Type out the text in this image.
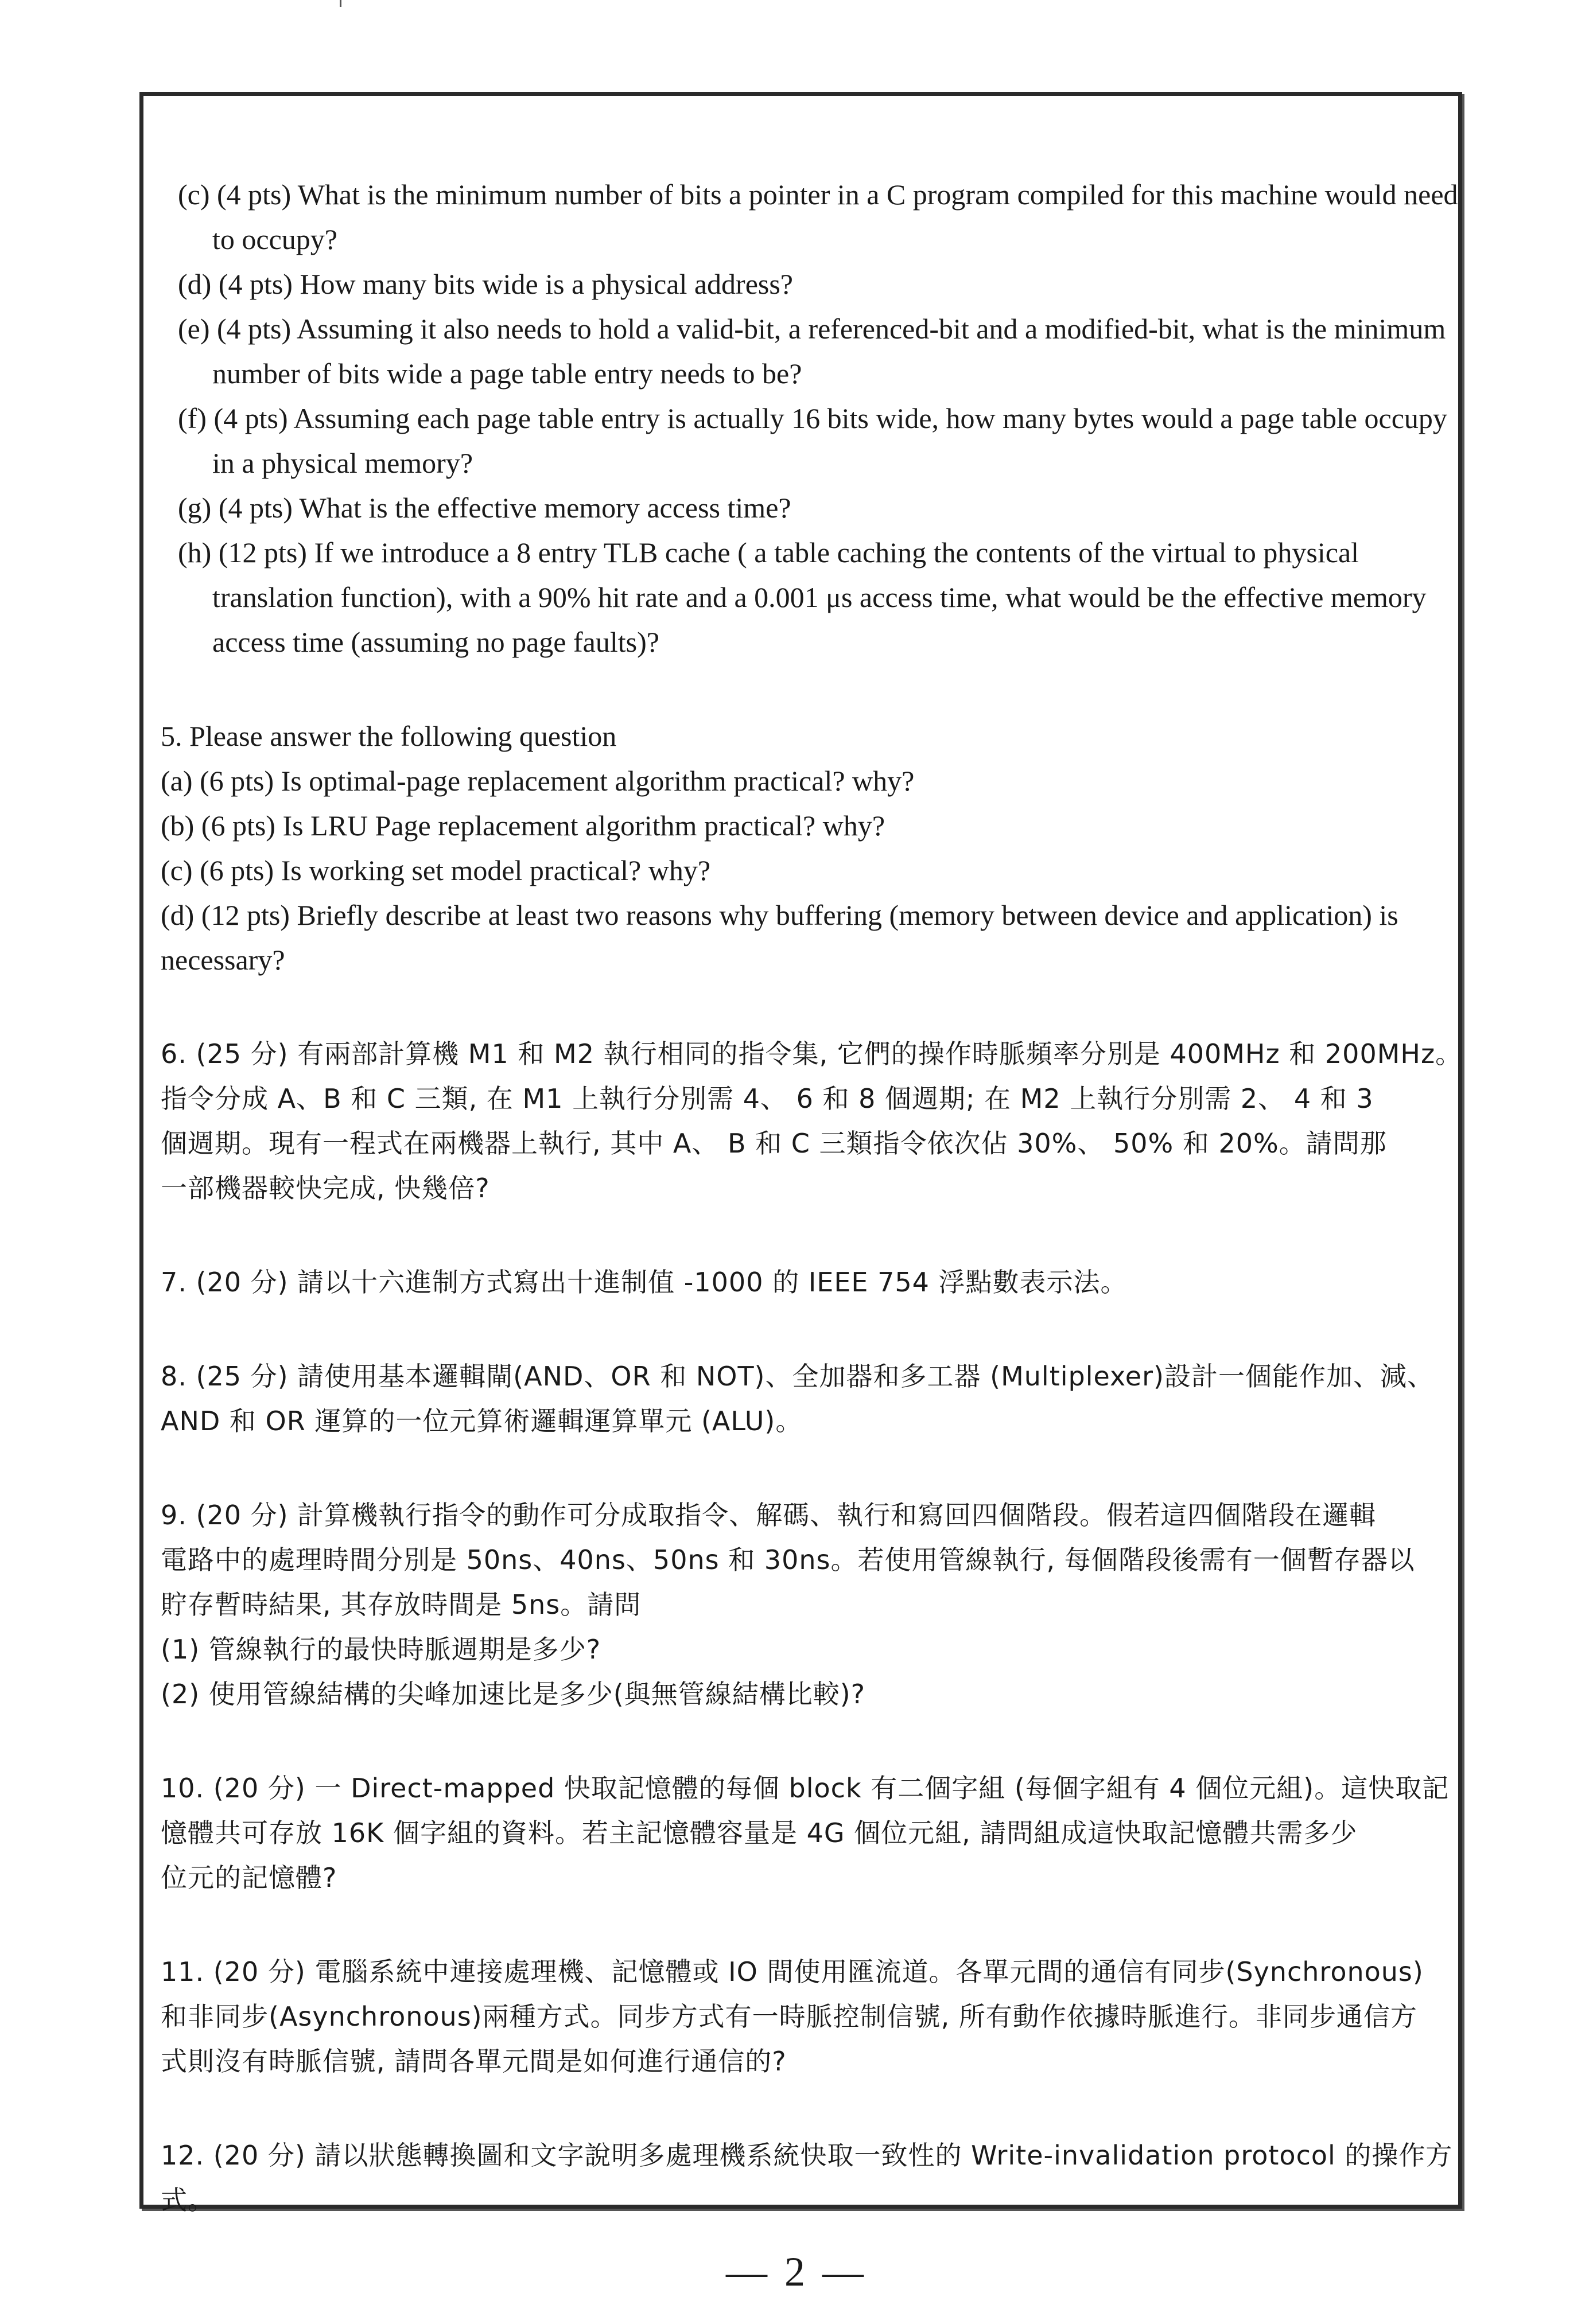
(c) (4 pts) What is the minimum number of bits a pointer in a C program compiled for this machine would need
to occupy?
(d) (4 pts) How many bits wide is a physical address?
(e) (4 pts) Assuming it also needs to hold a valid-bit, a referenced-bit and a modified-bit, what is the minimum
number of bits wide a page table entry needs to be?
(f) (4 pts) Assuming each page table entry is actually 16 bits wide, how many bytes would a page table occupy
in a physical memory?
(g) (4 pts) What is the effective memory access time?
(h) (12 pts) If we introduce a 8 entry TLB cache ( a table caching the contents of the virtual to physical
translation function), with a 90% hit rate and a 0.001 μs access time, what would be the effective memory
access time (assuming no page faults)?
5. Please answer the following question
(a) (6 pts) Is optimal-page replacement algorithm practical? why?
(b) (6 pts) Is LRU Page replacement algorithm practical? why?
(c) (6 pts) Is working set model practical? why?
(d) (12 pts) Briefly describe at least two reasons why buffering (memory between device and application) is
necessary?
6. (25 分) 有兩部計算機 M1 和 M2 執行相同的指令集, 它們的操作時脈頻率分別是 400MHz 和 200MHz。
指令分成 A、B 和 C 三類, 在 M1 上執行分別需 4、 6 和 8 個週期; 在 M2 上執行分別需 2、 4 和 3
個週期。現有一程式在兩機器上執行, 其中 A、 B 和 C 三類指令依次佔 30%、 50% 和 20%。請問那
一部機器較快完成, 快幾倍?
7. (20 分) 請以十六進制方式寫出十進制值 -1000 的 IEEE 754 浮點數表示法。
8. (25 分) 請使用基本邏輯閘(AND、OR 和 NOT)、全加器和多工器 (Multiplexer)設計一個能作加、減、
AND 和 OR 運算的一位元算術邏輯運算單元 (ALU)。
9. (20 分) 計算機執行指令的動作可分成取指令、解碼、執行和寫回四個階段。假若這四個階段在邏輯
電路中的處理時間分別是 50ns、40ns、50ns 和 30ns。若使用管線執行, 每個階段後需有一個暫存器以
貯存暫時結果, 其存放時間是 5ns。請問
(1) 管線執行的最快時脈週期是多少?
(2) 使用管線結構的尖峰加速比是多少(與無管線結構比較)?
10. (20 分) 一 Direct-mapped 快取記憶體的每個 block 有二個字組 (每個字組有 4 個位元組)。這快取記
憶體共可存放 16K 個字組的資料。若主記憶體容量是 4G 個位元組, 請問組成這快取記憶體共需多少
位元的記憶體?
11. (20 分) 電腦系統中連接處理機、記憶體或 IO 間使用匯流道。各單元間的通信有同步(Synchronous)
和非同步(Asynchronous)兩種方式。同步方式有一時脈控制信號, 所有動作依據時脈進行。非同步通信方
式則沒有時脈信號, 請問各單元間是如何進行通信的?
12. (20 分) 請以狀態轉換圖和文字說明多處理機系統快取一致性的 Write-invalidation protocol 的操作方
式。
— 2 —
